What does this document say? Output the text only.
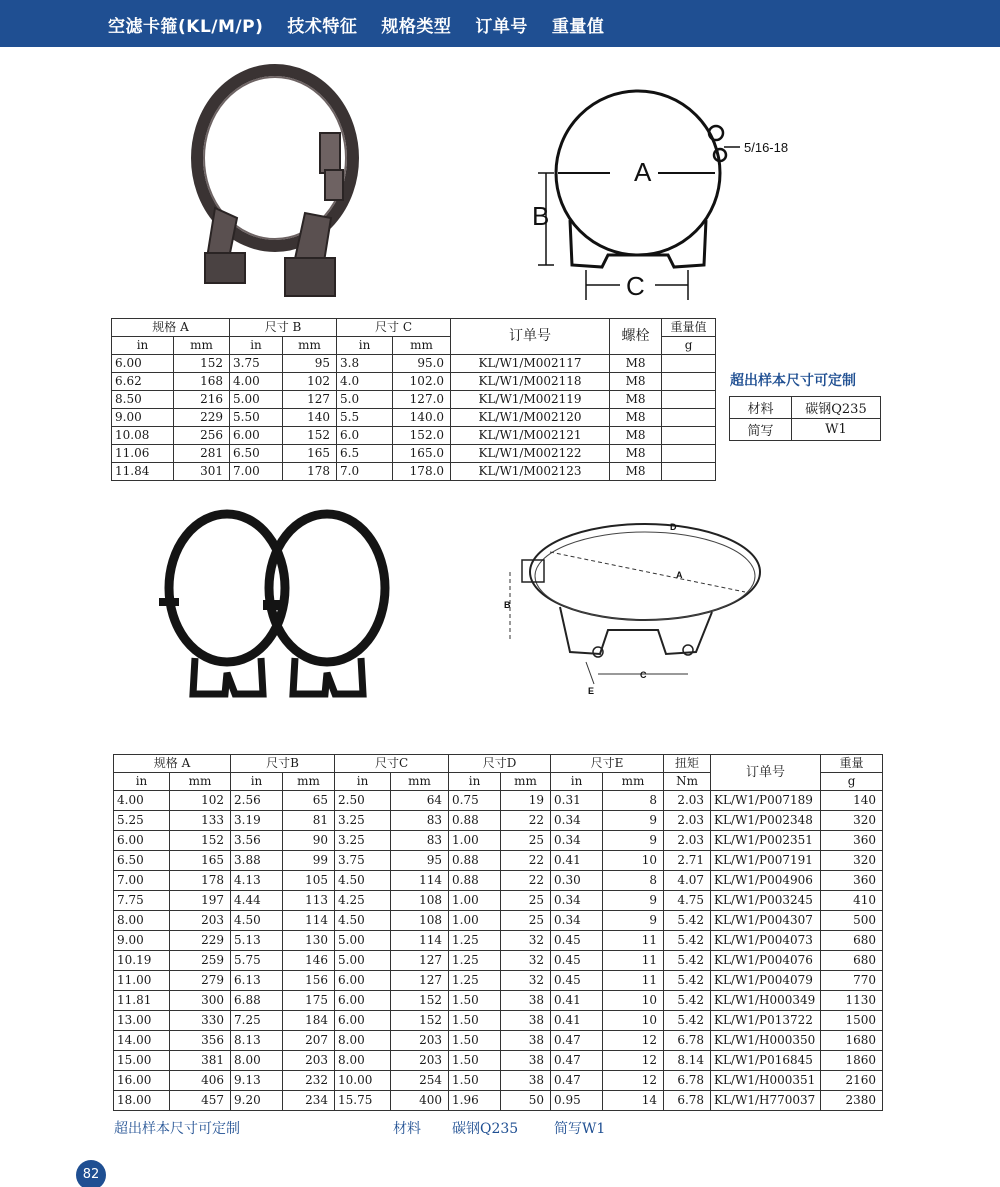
空滤卡箍(KL/M/P) 技术特征 规格类型 订单号 重量值
A
B
C
5/16-18
规格 A		尺寸 B		尺寸 C		订单号	螺栓	重量值
in	mm	in	mm	in	mm			g
6.00	152	3.75	95	3.8	95.0	KL/W1/M002117	M8	
6.62	168	4.00	102	4.0	102.0	KL/W1/M002118	M8	
8.50	216	5.00	127	5.0	127.0	KL/W1/M002119	M8	
9.00	229	5.50	140	5.5	140.0	KL/W1/M002120	M8	
10.08	256	6.00	152	6.0	152.0	KL/W1/M002121	M8	
11.06	281	6.50	165	6.5	165.0	KL/W1/M002122	M8	
11.84	301	7.00	178	7.0	178.0	KL/W1/M002123	M8	
超出样本尺寸可定制
材料	碳钢Q235
简写	W1
A
D
B
C
E
规格 A		尺寸B		尺寸C		尺寸D		尺寸E		扭矩	订单号	重量
in	mm	in	mm	in	mm	in	mm	in	mm	Nm		g
4.00	102	2.56	65	2.50	64	0.75	19	0.31	8	2.03	KL/W1/P007189	140
5.25	133	3.19	81	3.25	83	0.88	22	0.34	9	2.03	KL/W1/P002348	320
6.00	152	3.56	90	3.25	83	1.00	25	0.34	9	2.03	KL/W1/P002351	360
6.50	165	3.88	99	3.75	95	0.88	22	0.41	10	2.71	KL/W1/P007191	320
7.00	178	4.13	105	4.50	114	0.88	22	0.30	8	4.07	KL/W1/P004906	360
7.75	197	4.44	113	4.25	108	1.00	25	0.34	9	4.75	KL/W1/P003245	410
8.00	203	4.50	114	4.50	108	1.00	25	0.34	9	5.42	KL/W1/P004307	500
9.00	229	5.13	130	5.00	114	1.25	32	0.45	11	5.42	KL/W1/P004073	680
10.19	259	5.75	146	5.00	127	1.25	32	0.45	11	5.42	KL/W1/P004076	680
11.00	279	6.13	156	6.00	127	1.25	32	0.45	11	5.42	KL/W1/P004079	770
11.81	300	6.88	175	6.00	152	1.50	38	0.41	10	5.42	KL/W1/H000349	1130
13.00	330	7.25	184	6.00	152	1.50	38	0.41	10	5.42	KL/W1/P013722	1500
14.00	356	8.13	207	8.00	203	1.50	38	0.47	12	6.78	KL/W1/H000350	1680
15.00	381	8.00	203	8.00	203	1.50	38	0.47	12	8.14	KL/W1/P016845	1860
16.00	406	9.13	232	10.00	254	1.50	38	0.47	12	6.78	KL/W1/H000351	2160
18.00	457	9.20	234	15.75	400	1.96	50	0.95	14	6.78	KL/W1/H770037	2380
超出样本尺寸可定制	材料 碳钢Q235	简写W1
82
